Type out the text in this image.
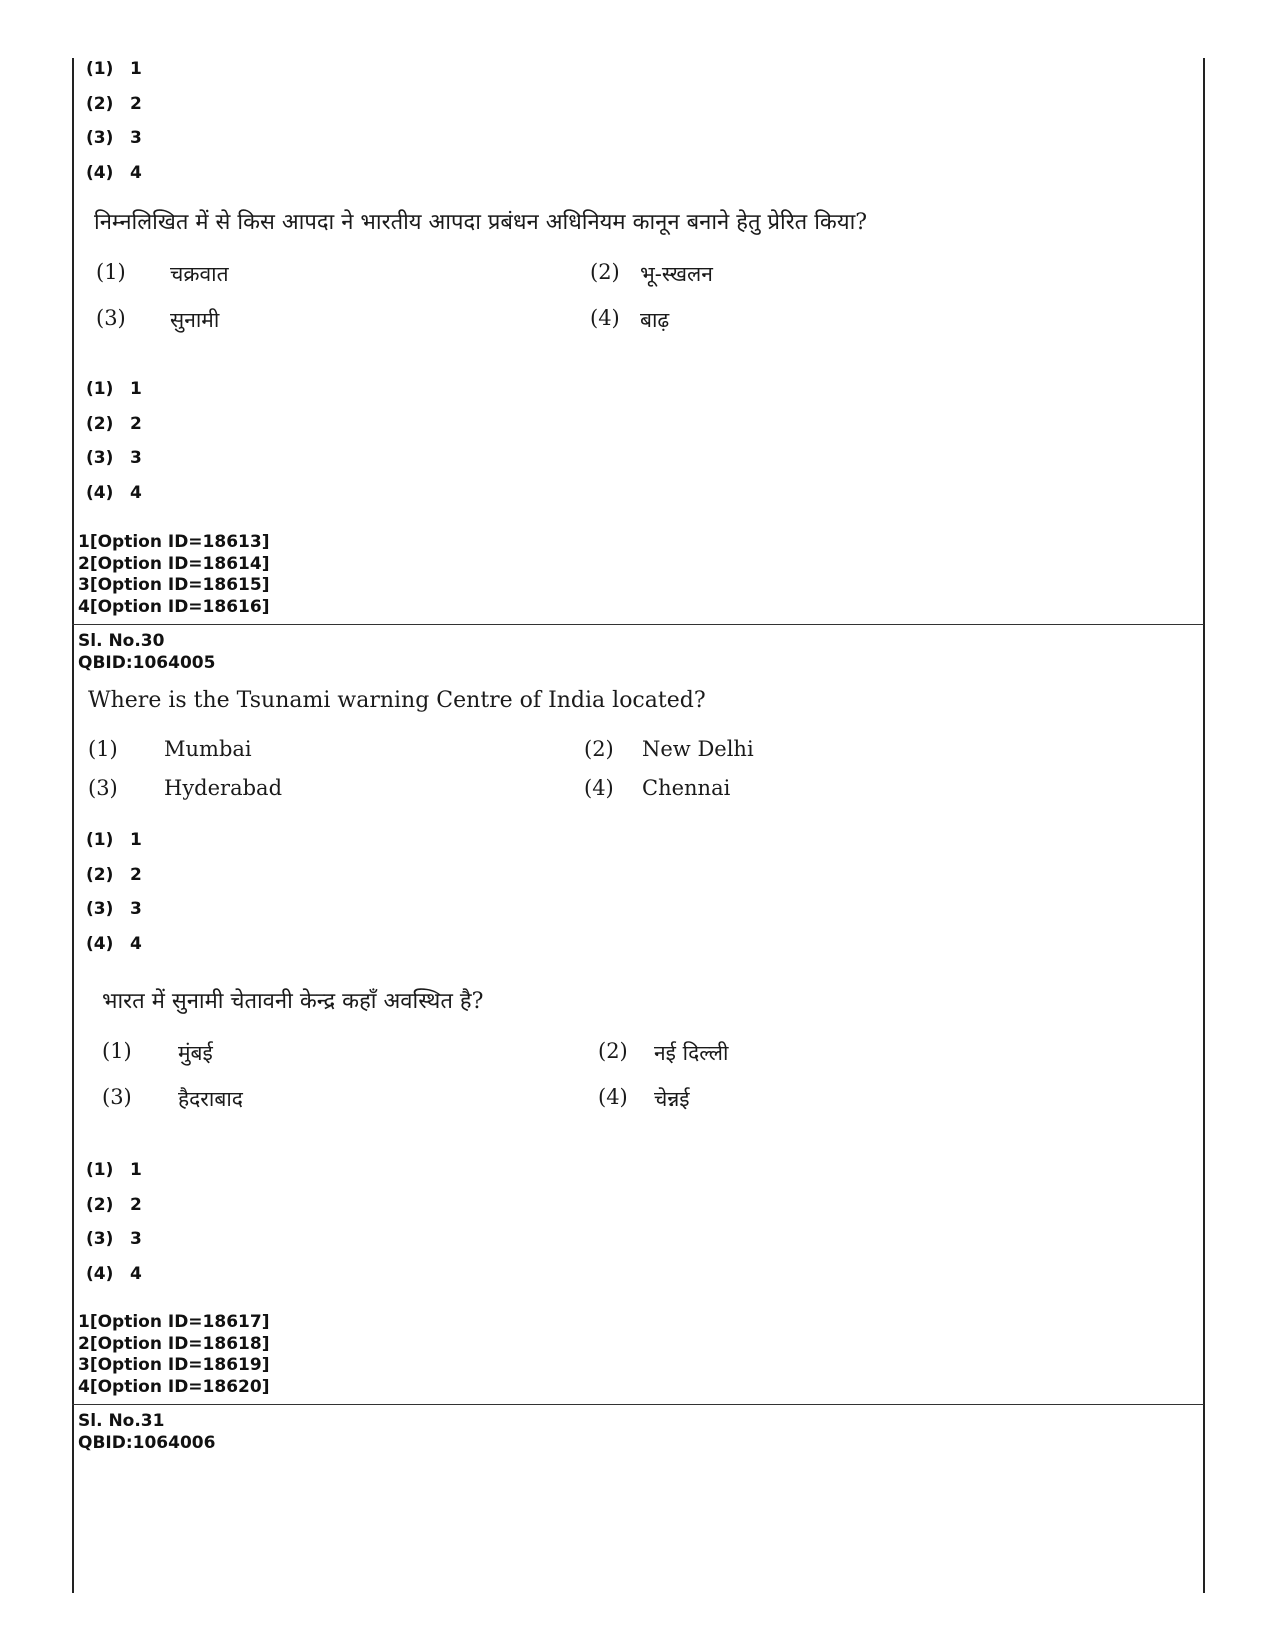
(1) 1
(2) 2
(3) 3
(4) 4
निम्नलिखित में से किस आपदा ने भारतीय आपदा प्रबंधन अधिनियम कानून बनाने हेतु प्रेरित किया?
(1) चक्रवात	(2) भू-स्खलन
(3) सुनामी	(4) बाढ़
(1) 1
(2) 2
(3) 3
(4) 4
1[Option ID=18613]
2[Option ID=18614]
3[Option ID=18615]
4[Option ID=18616]
Sl. No.30
QBID:1064005
Where is the Tsunami warning Centre of India located?
(1) Mumbai	(2) New Delhi
(3) Hyderabad	(4) Chennai
(1) 1
(2) 2
(3) 3
(4) 4
भारत में सुनामी चेतावनी केन्द्र कहाँ अवस्थित है?
(1) मुंबई	(2) नई दिल्ली
(3) हैदराबाद	(4) चेन्नई
(1) 1
(2) 2
(3) 3
(4) 4
1[Option ID=18617]
2[Option ID=18618]
3[Option ID=18619]
4[Option ID=18620]
Sl. No.31
QBID:1064006
